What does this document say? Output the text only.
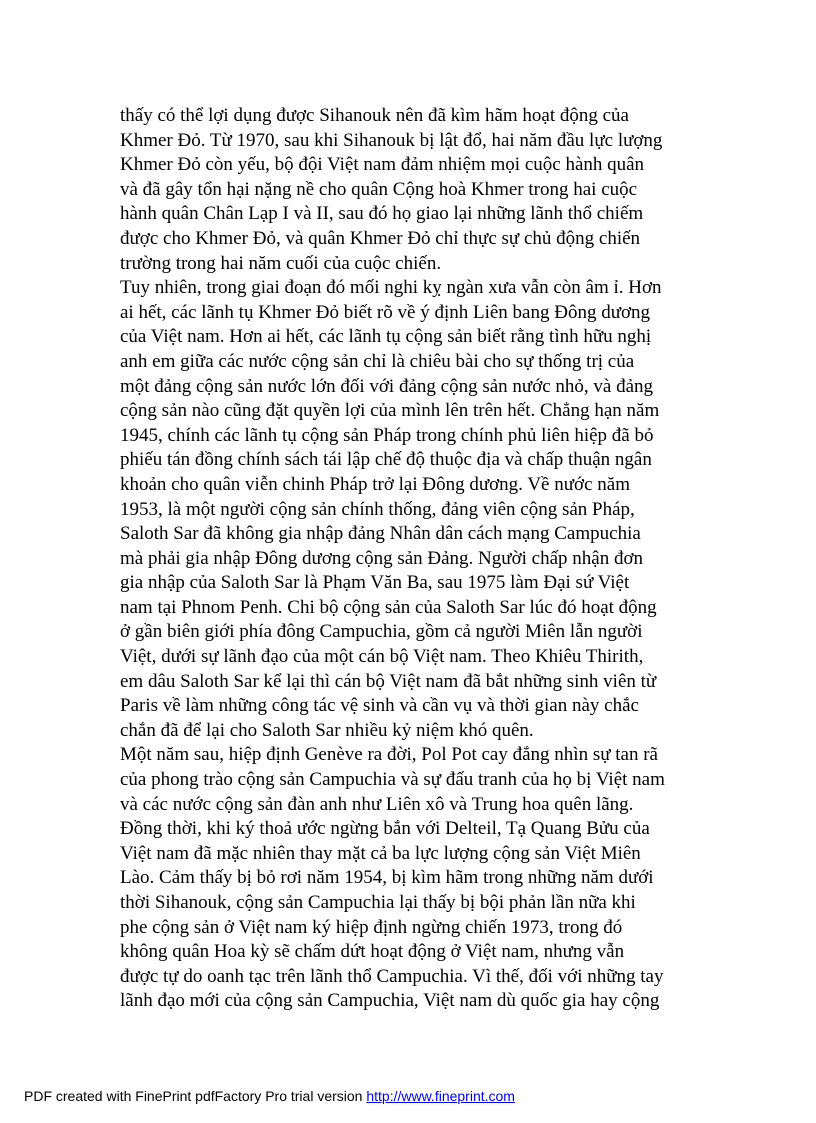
thấy có thể lợi dụng được Sihanouk nên đã kìm hãm hoạt động của
Khmer Đỏ. Từ 1970, sau khi Sihanouk bị lật đổ, hai năm đầu lực lượng
Khmer Đỏ còn yếu, bộ đội Việt nam đảm nhiệm mọi cuộc hành quân
và đã gây tổn hại nặng nề cho quân Cộng hoà Khmer trong hai cuộc
hành quân Chân Lạp I và II, sau đó họ giao lại những lãnh thổ chiếm
được cho Khmer Đỏ, và quân Khmer Đỏ chỉ thực sự chủ động chiến
trường trong hai năm cuối của cuộc chiến.
Tuy nhiên, trong giai đoạn đó mối nghi kỵ ngàn xưa vẫn còn âm ỉ. Hơn
ai hết, các lãnh tụ Khmer Đỏ biết rõ về ý định Liên bang Đông dương
của Việt nam. Hơn ai hết, các lãnh tụ cộng sản biết rằng tình hữu nghị
anh em giữa các nước cộng sản chỉ là chiêu bài cho sự thống trị của
một đảng cộng sản nước lớn đối với đảng cộng sản nước nhỏ, và đảng
cộng sản nào cũng đặt quyền lợi của mình lên trên hết. Chẳng hạn năm
1945, chính các lãnh tụ cộng sản Pháp trong chính phủ liên hiệp đã bỏ
phiếu tán đồng chính sách tái lập chế độ thuộc địa và chấp thuận ngân
khoản cho quân viễn chinh Pháp trở lại Đông dương. Về nước năm
1953, là một người cộng sản chính thống, đảng viên cộng sản Pháp,
Saloth Sar đã không gia nhập đảng Nhân dân cách mạng Campuchia
mà phải gia nhập Đông dương cộng sản Đảng. Người chấp nhận đơn
gia nhập của Saloth Sar là Phạm Văn Ba, sau 1975 làm Đại sứ Việt
nam tại Phnom Penh. Chi bộ cộng sản của Saloth Sar lúc đó hoạt động
ở gần biên giới phía đông Campuchia, gồm cả người Miên lẫn người
Việt, dưới sự lãnh đạo của một cán bộ Việt nam. Theo Khiêu Thirith,
em dâu Saloth Sar kể lại thì cán bộ Việt nam đã bắt những sinh viên từ
Paris về làm những công tác vệ sinh và cần vụ và thời gian này chắc
chắn đã để lại cho Saloth Sar nhiều kỷ niệm khó quên.
Một năm sau, hiệp định Genève ra đời, Pol Pot cay đắng nhìn sự tan rã
của phong trào cộng sản Campuchia và sự đấu tranh của họ bị Việt nam
và các nước cộng sản đàn anh như Liên xô và Trung hoa quên lãng.
Đồng thời, khi ký thoả ước ngừng bắn với Delteil, Tạ Quang Bửu của
Việt nam đã mặc nhiên thay mặt cả ba lực lượng cộng sản Việt Miên
Lào. Cảm thấy bị bỏ rơi năm 1954, bị kìm hãm trong những năm dưới
thời Sihanouk, cộng sản Campuchia lại thấy bị bội phản lần nữa khi
phe cộng sản ở Việt nam ký hiệp định ngừng chiến 1973, trong đó
không quân Hoa kỳ sẽ chấm dứt hoạt động ở Việt nam, nhưng vẫn
được tự do oanh tạc trên lãnh thổ Campuchia. Vì thế, đối với những tay
lãnh đạo mới của cộng sản Campuchia, Việt nam dù quốc gia hay cộng
PDF created with FinePrint pdfFactory Pro trial version http://www.fineprint.com
